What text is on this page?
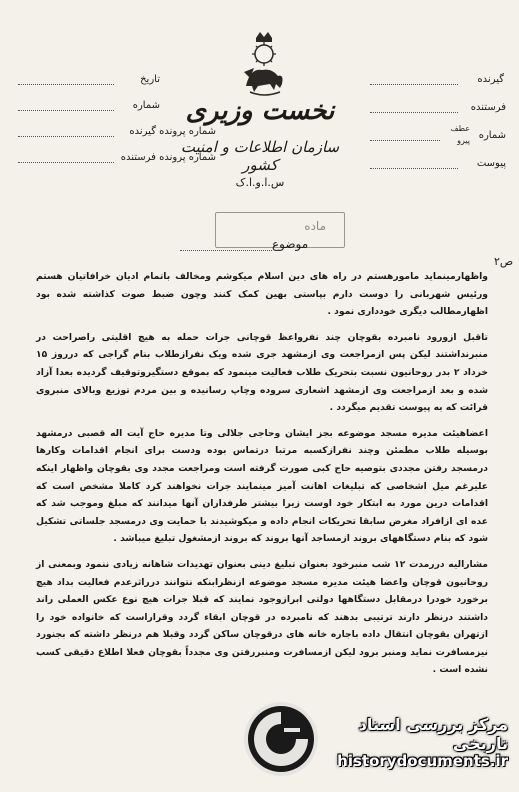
نخست وزیری
سازمان اطلاعات و امنیت کشور
س.ا.و.ا.ک
تاریخ
شماره
شماره پرونده گیرنده
شماره پرونده فرستنده
گیرنده
فرستنده
شماره
عطف
پیرو
پیوست
ماده
موضوع
ص۲

واظهارمینماید مامورهستم در راه های دین اسلام میکوشم ومخالف باتمام ادیان خرافاتیان هستم ورئیس شهربانی را دوست دارم بپاستی بهین کمک کنند وچون ضبط صوت کذاشته شده بود اظهارمطالب دیگری خودداری نمود .

تاقبل ازورود نامبرده بقوچان چند نفرواعظ قوچانی جرات حمله به هیچ اقلیتی راصراحت در منبرنداشتند لیکن پس ازمراجعت وی ازمشهد جری شده ویک نفرازطلاب بنام گراجی که درروز ۱۵ خرداد ۲ بدر روحانیون نسبت بتحریک طلاب فعالیت مینمود که بموقع دستگیروتوقیف گردیده بعدا آزاد شده و بعد ازمراجعت وی ازمشهد اشعاری سروده وچاپ رسانیده و بین مردم توزیع وبالای منبروی قرائت که به پیوست تقدیم میگردد .

اعضاهیئت مدیره مسجد موضوعه بجز ایشان وحاجی جلالی وتا مدیره حاج آیت اله قصبی درمشهد بوسیله طلاب مطمئن وچند نفرازکسبه مرتبا درتماس بوده ودست برای انجام اقدامات وکارها درمسجد رفتن مجددی بتوصیه حاج کبی صورت گرفته است ومراجعت مجدد وی بقوچان واظهار اینکه علیرغم میل اشخاصی که تبلیغات اهانت آمیز مینمایند جرات نخواهند کرد کاملا مشخص است که اقدامات درین مورد به ابتکار خود اوست زیرا بیشتر طرفداران آنها میدانند که مبلغ وموجب شد که عده ای ازافراد مغرض سابقا تحریکات انجام داده و میکوشیدند با حمایت وی درمسجد جلساتی تشکیل شود که بنام دستگاههای بروند ازمساجد آنها بروند که بروند ازمشغول تبلیغ میباشد .

مشاراليه دررمدت ۱۲ شب منبرخود بعنوان تبلیغ دینی بعنوان تهدیدات شاهانه زيادی ننمود وبمعنی از روحانیون قوچان واعضا هیئت مدیره مسجد موضوعه ازنظرابنکه نتوانند درراثرعدم فعالیت بداد هیچ برخورد خودرا درمقابل دستگاهها دولتی ابرازوجود نمایند که قبلا جرات هیچ نوع عکس العملی راند داشتند درنظر دارند ترتیبی بدهند که نامبرده در قوچان ابقاء گردد وقراراست که خانواده خود را ازتهران بقوچان انتقال داده باجاره خانه های درقوچان ساکن گردد وقبلا هم درنظر داشته که بجنورد نیزمسافرت نماید ومنبر برود لیکن ازمسافرت ومنبررفتن وی مجدداً بقوچان فعلا اطلاع دقیقی کسب نشده است .

مرکز بررسی اسناد تاریخی
historydocuments.ir
